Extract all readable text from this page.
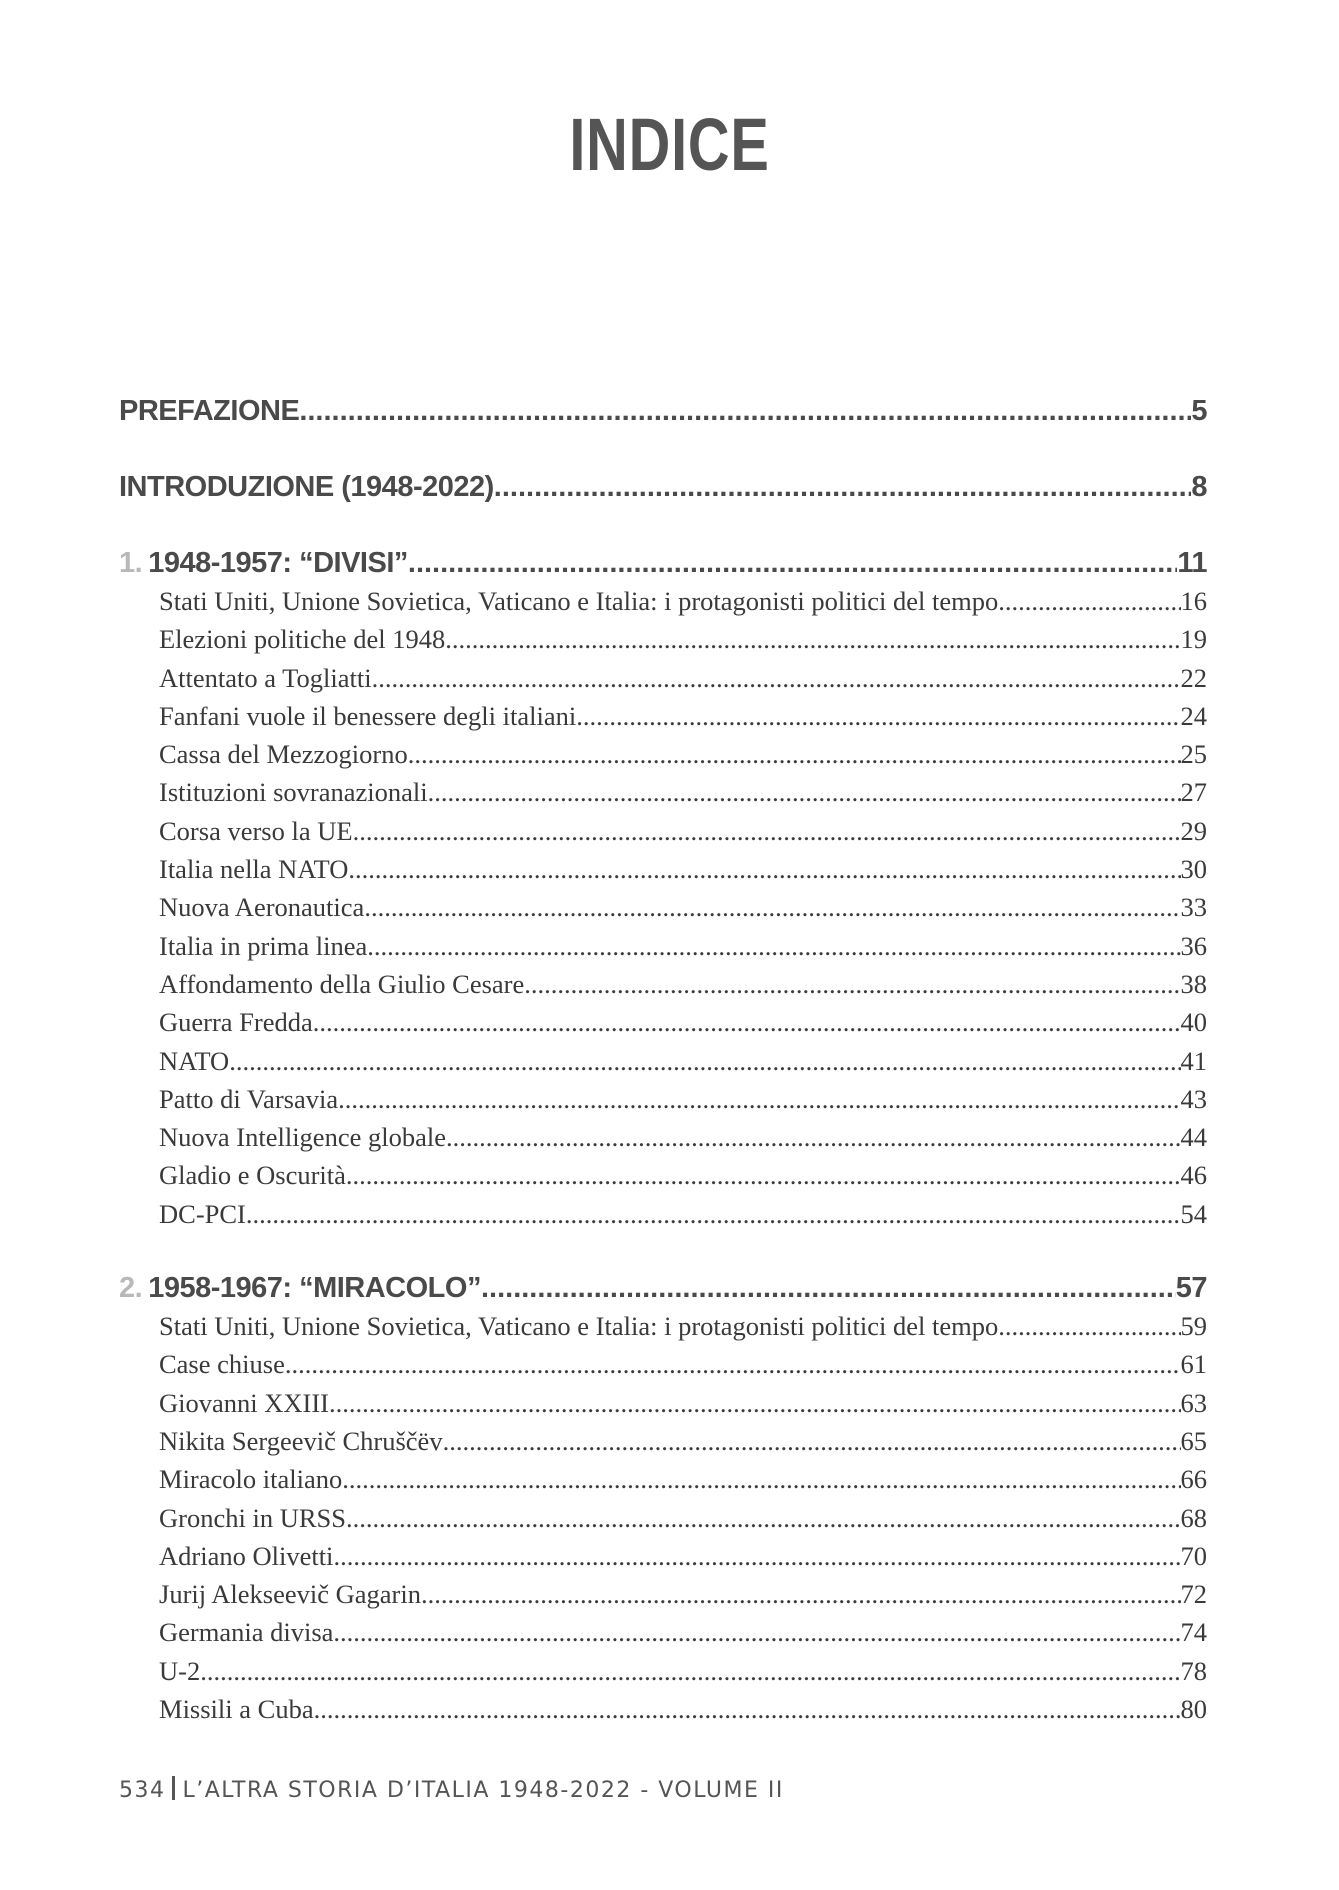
INDICE
PREFAZIONE .....	5
INTRODUZIONE (1948-2022) .....	8
1. 1948-1957: “DIVISI” .....	11
Stati Uniti, Unione Sovietica, Vaticano e Italia: i protagonisti politici del tempo .....	16
Elezioni politiche del 1948 .....	19
Attentato a Togliatti .....	22
Fanfani vuole il benessere degli italiani .....	24
Cassa del Mezzogiorno .....	25
Istituzioni sovranazionali .....	27
Corsa verso la UE .....	29
Italia nella NATO .....	30
Nuova Aeronautica .....	33
Italia in prima linea .....	36
Affondamento della Giulio Cesare .....	38
Guerra Fredda .....	40
NATO .....	41
Patto di Varsavia .....	43
Nuova Intelligence globale .....	44
Gladio e Oscurità .....	46
DC-PCI .....	54
2. 1958-1967: “MIRACOLO” .....	57
Stati Uniti, Unione Sovietica, Vaticano e Italia: i protagonisti politici del tempo .....	59
Case chiuse .....	61
Giovanni XXIII .....	63
Nikita Sergeevič Chruščëv .....	65
Miracolo italiano .....	66
Gronchi in URSS .....	68
Adriano Olivetti .....	70
Jurij Alekseevič Gagarin .....	72
Germania divisa .....	74
U-2 .....	78
Missili a Cuba .....	80
534 L’ALTRA STORIA D’ITALIA 1948-2022 - VOLUME II
